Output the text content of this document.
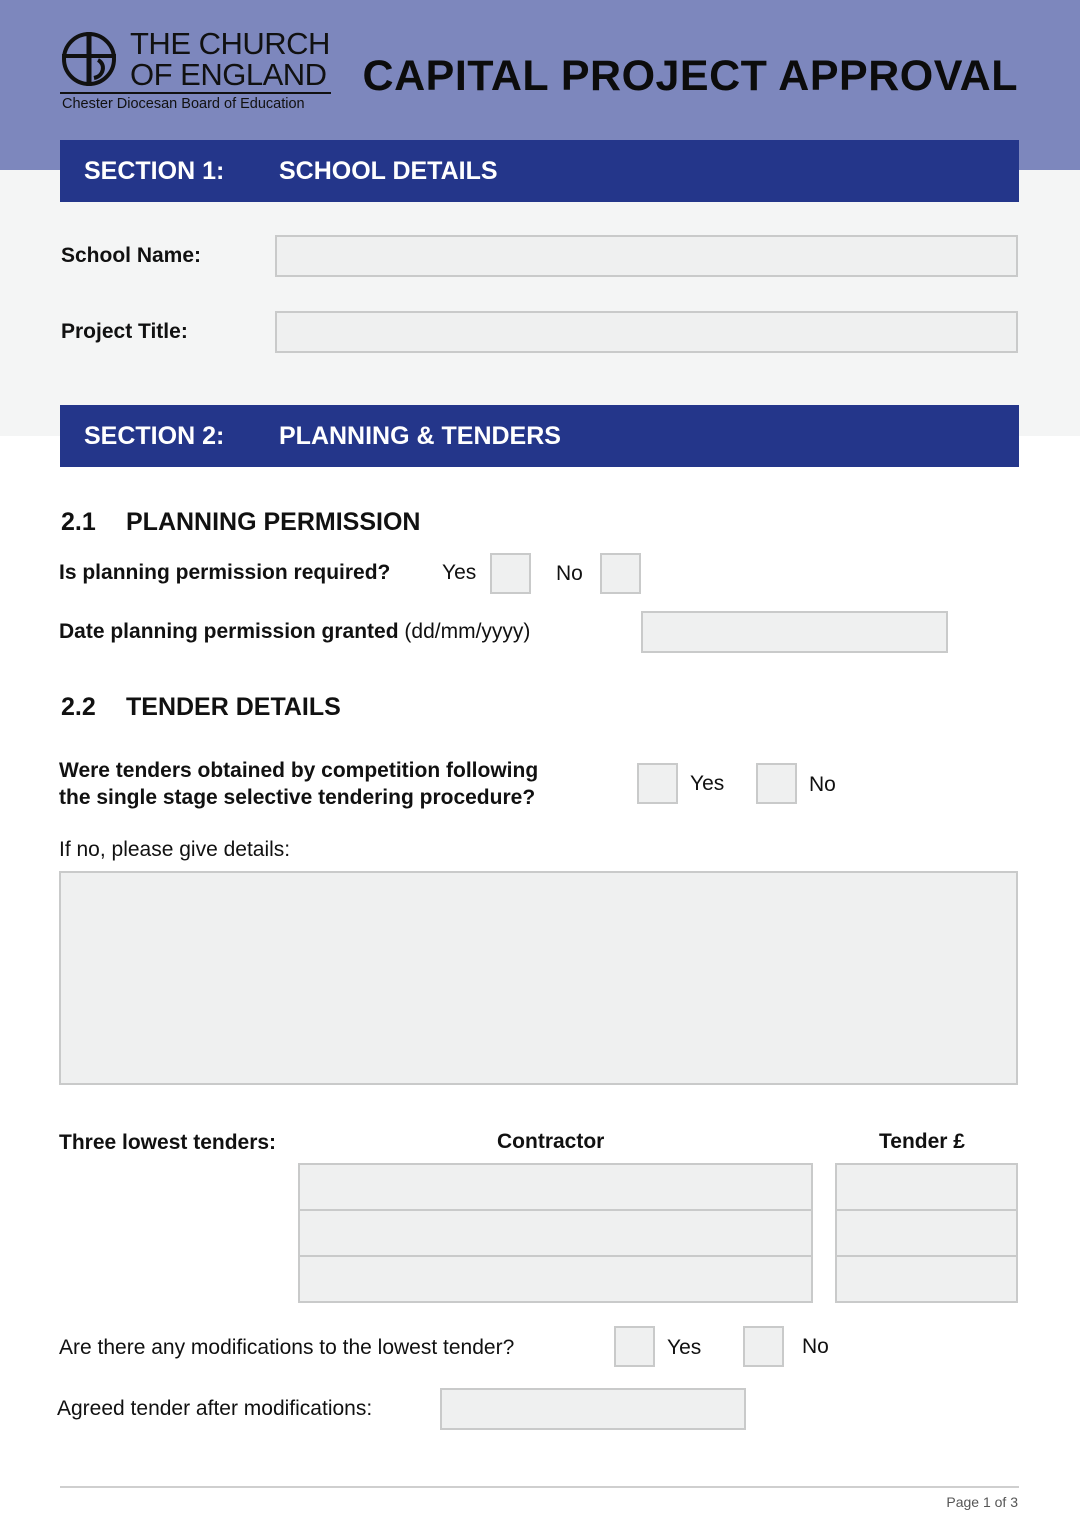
THE CHURCH
OF ENGLAND
Chester Diocesan Board of Education
CAPITAL PROJECT APPROVAL
SECTION 1: SCHOOL DETAILS
School Name:
Project Title:
SECTION 2: PLANNING & TENDERS
2.1 PLANNING PERMISSION
Is planning permission required? Yes	No
Date planning permission granted (dd/mm/yyyy)
2.2 TENDER DETAILS
Were tenders obtained by competition following
the single stage selective tendering procedure?
Yes	No
If no, please give details:
Three lowest tenders:	Contractor	Tender £
Are there any modifications to the lowest tender?	Yes	No
Agreed tender after modifications:
Page 1 of 3
